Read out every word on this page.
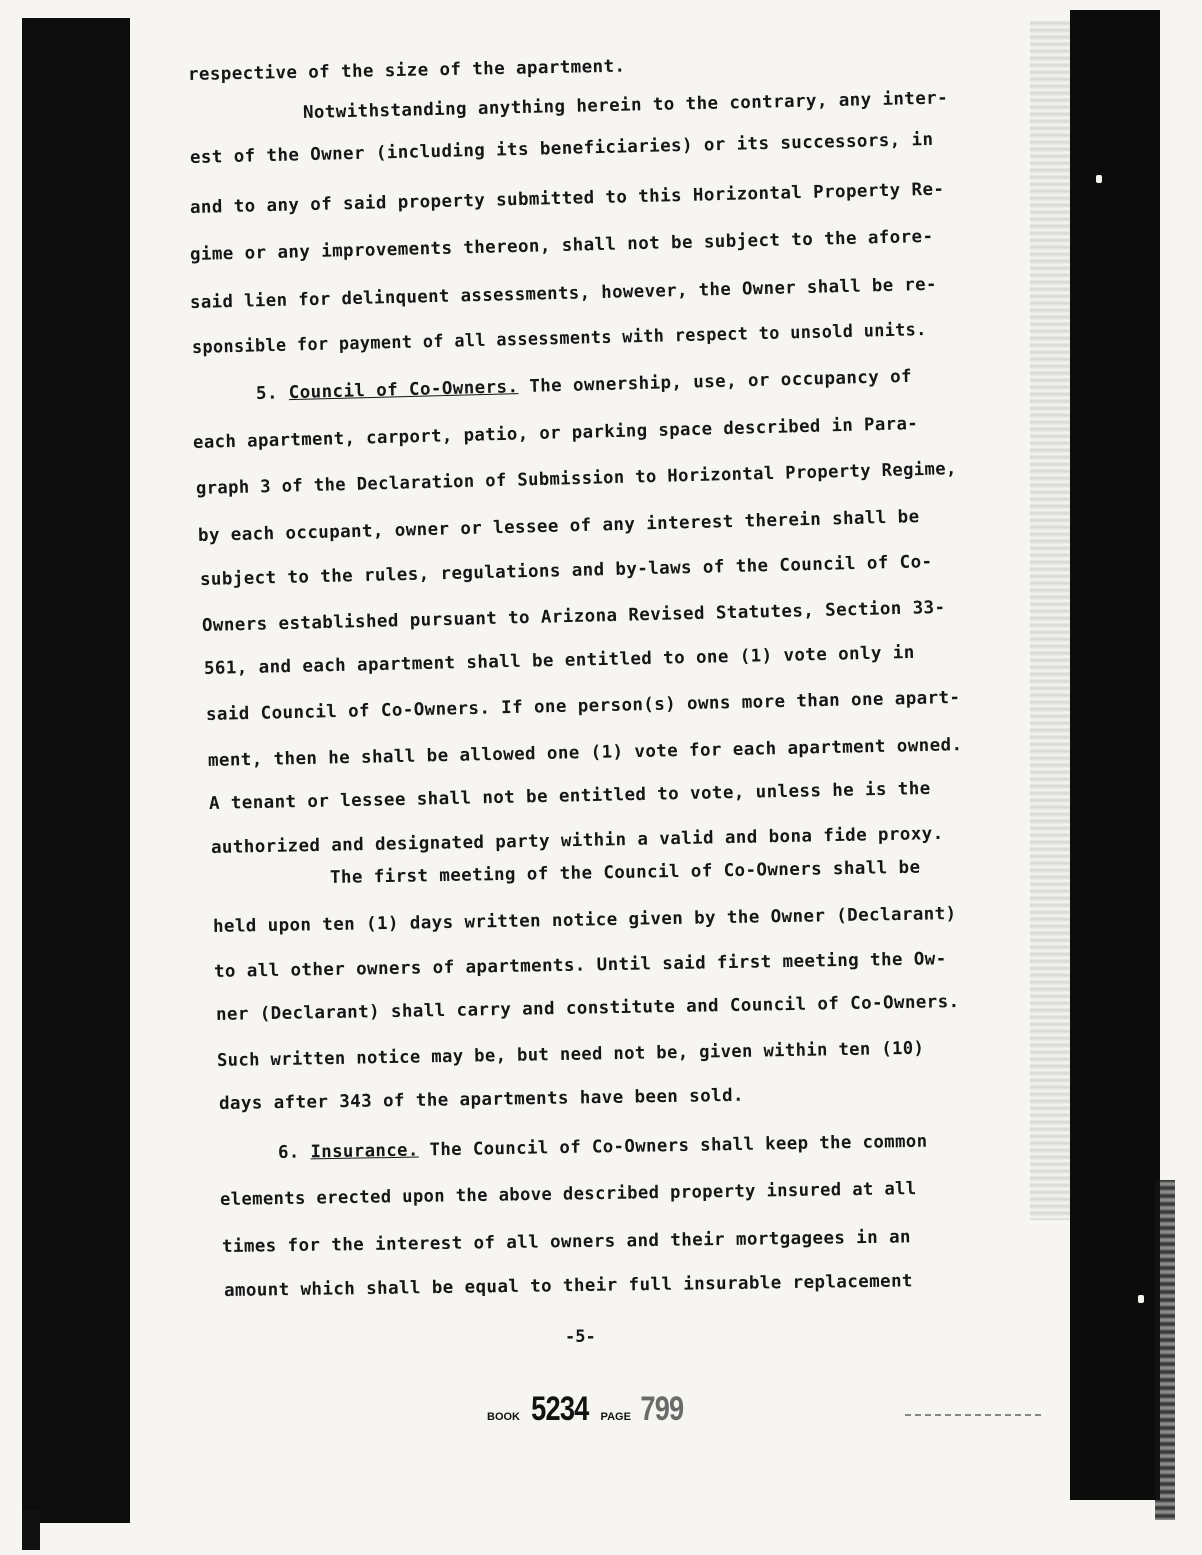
respective of the size of the apartment.
Notwithstanding anything herein to the contrary, any inter-
est of the Owner (including its beneficiaries) or its successors, in
and to any of said property submitted to this Horizontal Property Re-
gime or any improvements thereon, shall not be subject to the afore-
said lien for delinquent assessments, however, the Owner shall be re-
sponsible for payment of all assessments with respect to unsold units.
5. Council of Co-Owners. The ownership, use, or occupancy of
each apartment, carport, patio, or parking space described in Para-
graph 3 of the Declaration of Submission to Horizontal Property Regime,
by each occupant, owner or lessee of any interest therein shall be
subject to the rules, regulations and by-laws of the Council of Co-
Owners established pursuant to Arizona Revised Statutes, Section 33-
561, and each apartment shall be entitled to one (1) vote only in
said Council of Co-Owners. If one person(s) owns more than one apart-
ment, then he shall be allowed one (1) vote for each apartment owned.
A tenant or lessee shall not be entitled to vote, unless he is the
authorized and designated party within a valid and bona fide proxy.
The first meeting of the Council of Co-Owners shall be
held upon ten (1) days written notice given by the Owner (Declarant)
to all other owners of apartments. Until said first meeting the Ow-
ner (Declarant) shall carry and constitute and Council of Co-Owners.
Such written notice may be, but need not be, given within ten (10)
days after 343 of the apartments have been sold.
6. Insurance. The Council of Co-Owners shall keep the common
elements erected upon the above described property insured at all
times for the interest of all owners and their mortgagees in an
amount which shall be equal to their full insurable replacement
-5-
BOOK 5234 PAGE 799
